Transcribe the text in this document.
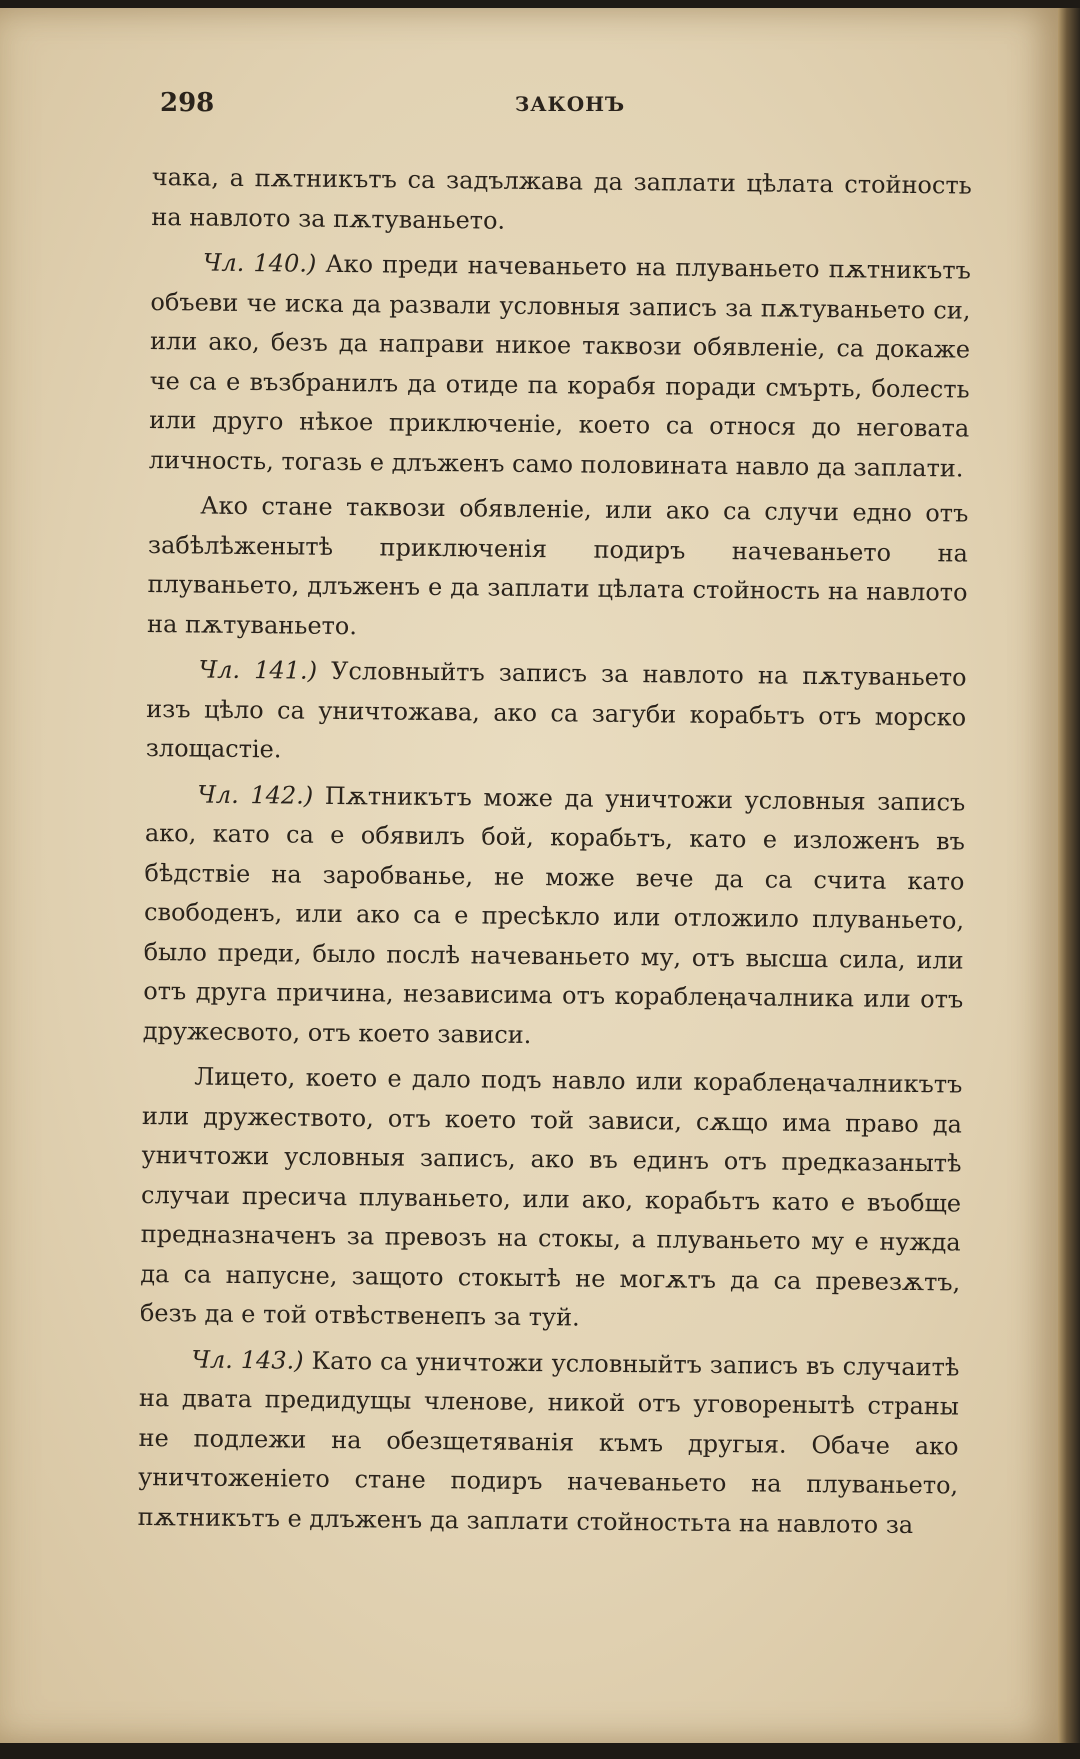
298	ЗАКОНЪ

чака, а пѫтникътъ са задължава да заплати цѣлата стойность на навлото за пѫтуваньето.

Чл. 140.) Ако преди начеваньето на плуваньето пѫтникътъ объеви че иска да развали условныя записъ за пѫтуваньето си, или ако, безъ да направи никое таквози обявленіе, са докаже че са е възбранилъ да отиде па корабя поради смърть, болесть или друго нѣкое приключеніе, което са относя до неговата личность, тогазь е длъженъ само половината навло да заплати.

Ако стане таквози обявленіе, или ако са случи едно отъ забѣлѣженытѣ приключенія подиръ начеваньето на плуваньето, длъженъ е да заплати цѣлата стойность на навлото на пѫтуваньето.

Чл. 141.) Условныйтъ записъ за навлото на пѫтуваньето изъ цѣло са уничтожава, ако са загуби корабьтъ отъ морско злощастіе.

Чл. 142.) Пѫтникътъ може да уничтожи условныя записъ ако, като са е обявилъ бой, корабьтъ, като е изложенъ въ бѣдствіе на заробваньe, не може вече да са счита като свободенъ, или ако са е пресѣкло или отложило плуваньето, было преди, было послѣ начеваньето му, отъ высша сила, или отъ друга причина, независима отъ кораблеңачалника или отъ дружесвото, отъ което зависи.

Лицето, което е дало подъ навло или кораблеңачалникътъ или дружеството, отъ което той зависи, сѫщо има право да уничтожи условныя записъ, ако въ единъ отъ предказанытѣ случаи пресича плуваньето, или ако, корабьтъ като е въобще предназначенъ за превозъ на стокы, а плуваньето му е нужда да са напусне, защото стокытѣ не могѫтъ да са превезѫтъ, безъ да е той отвѣственепъ за туй.

Чл. 143.) Като са уничтожи условныйтъ записъ въ случаитѣ на двата предидущы членове, никой отъ уговоренытѣ страны не подлежи на обезщетяванія къмъ другыя. Обаче ако уничтоженіето стане подиръ начеваньето на плуваньето, пѫтникътъ е длъженъ да заплати стойностьта на навлото за
